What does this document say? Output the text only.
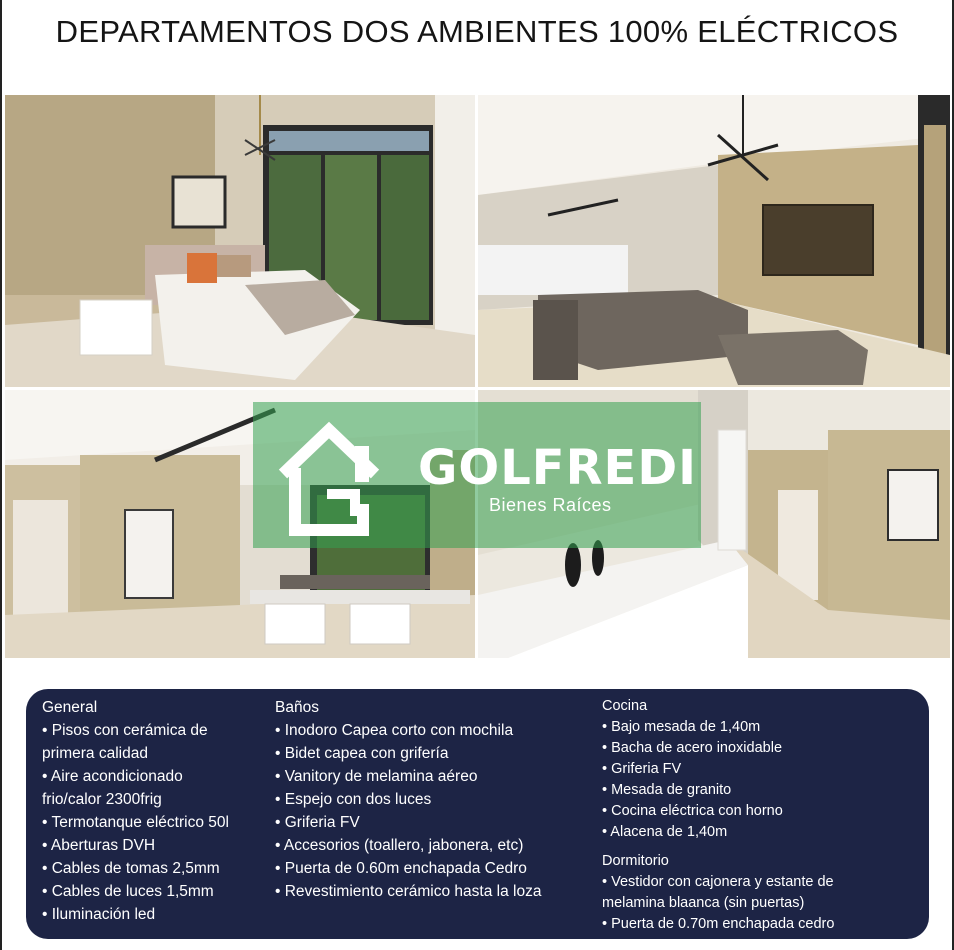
DEPARTAMENTOS DOS AMBIENTES 100% ELÉCTRICOS
GOLFREDI
Bienes Raíces
General
• Pisos con cerámica de
primera calidad
• Aire acondicionado
frio/calor 2300frig
• Termotanque eléctrico 50l
• Aberturas DVH
• Cables de tomas 2,5mm
• Cables de luces 1,5mm
• Iluminación led
Baños
• Inodoro Capea corto con mochila
• Bidet capea con grifería
• Vanitory de melamina aéreo
• Espejo con dos luces
• Griferia FV
• Accesorios (toallero, jabonera, etc)
• Puerta de 0.60m enchapada Cedro
• Revestimiento cerámico hasta la loza
Cocina
• Bajo mesada de 1,40m
• Bacha de acero inoxidable
• Griferia FV
• Mesada de granito
• Cocina eléctrica con horno
• Alacena de 1,40m
Dormitorio
• Vestidor con cajonera y estante de
melamina blaanca (sin puertas)
• Puerta de 0.70m enchapada cedro
